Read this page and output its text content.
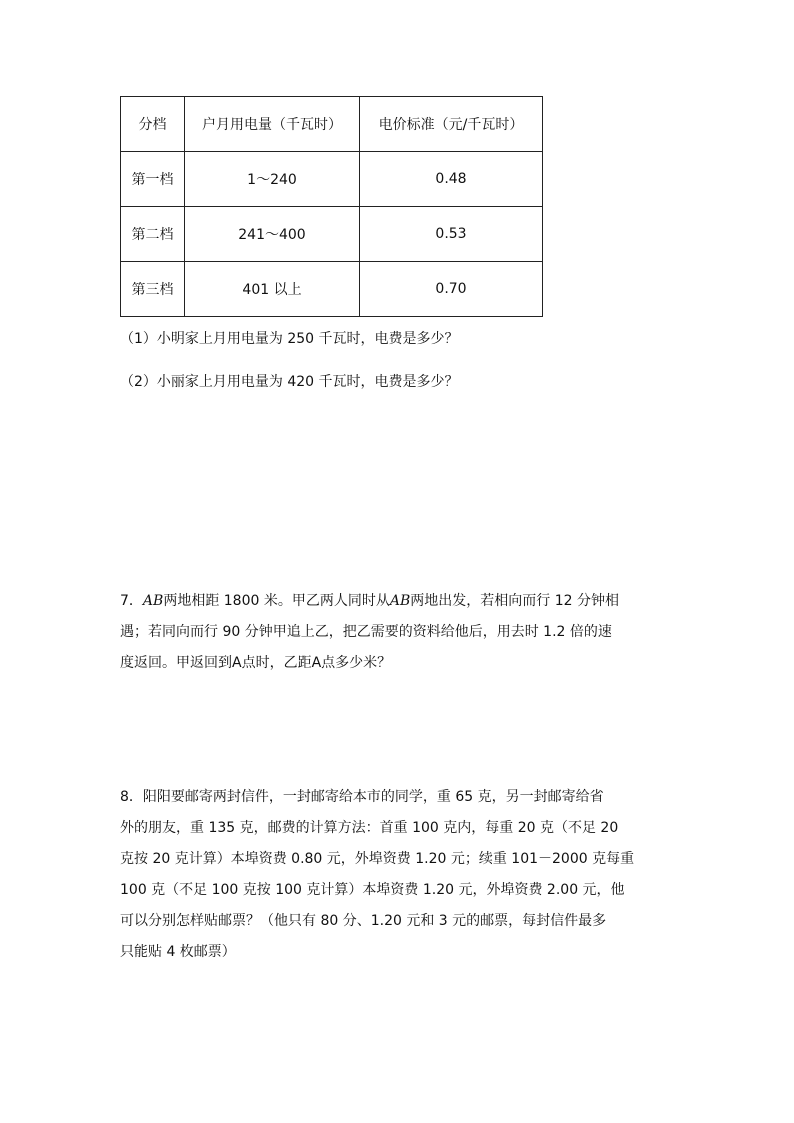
分档	户月用电量（千瓦时）	电价标准（元/千瓦时）
第一档	1～240	0.48
第二档	241～400	0.53
第三档	401 以上	0.70
（1）小明家上月用电量为 250 千瓦时，电费是多少？
（2）小丽家上月用电量为 420 千瓦时，电费是多少？

7．AB两地相距 1800 米。甲乙两人同时从AB两地出发，若相向而行 12 分钟相

遇；若同向而行 90 分钟甲追上乙，把乙需要的资料给他后，用去时 1.2 倍的速

度返回。甲返回到A点时，乙距A点多少米？

8．阳阳要邮寄两封信件，一封邮寄给本市的同学，重 65 克，另一封邮寄给省

外的朋友，重 135 克，邮费的计算方法：首重 100 克内，每重 20 克（不足 20

克按 20 克计算）本埠资费 0.80 元，外埠资费 1.20 元；续重 101－2000 克每重

100 克（不足 100 克按 100 克计算）本埠资费 1.20 元，外埠资费 2.00 元，他

可以分别怎样贴邮票？（他只有 80 分、1.20 元和 3 元的邮票，每封信件最多

只能贴 4 枚邮票）
